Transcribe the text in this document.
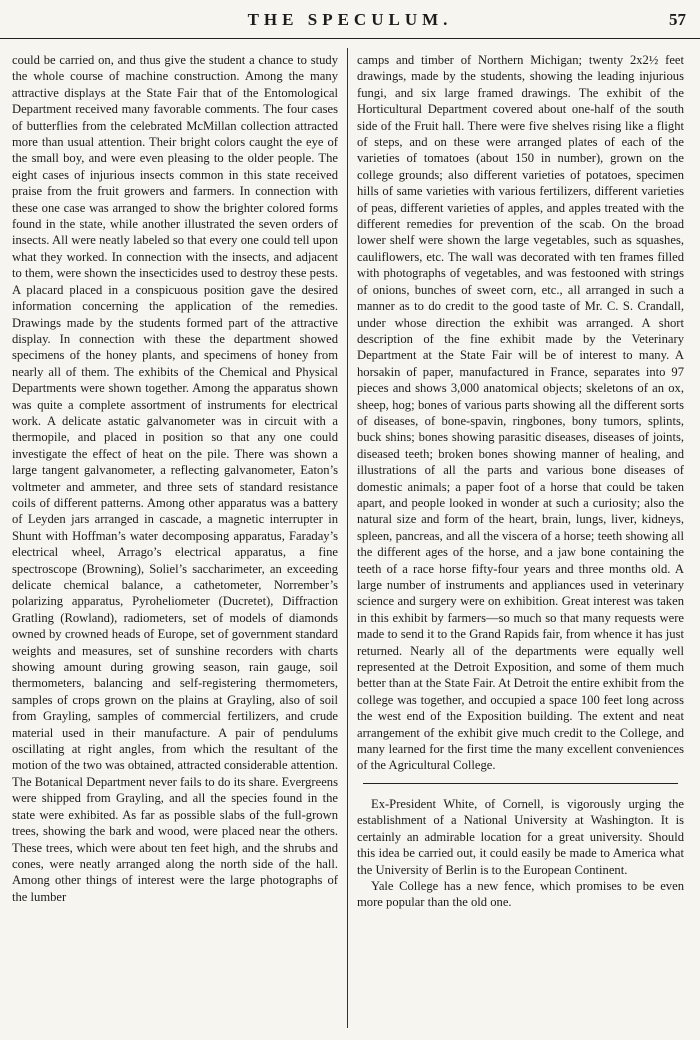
THE SPECULUM.	57

could be carried on, and thus give the student a chance to study the whole course of machine construction. Among the many attractive displays at the State Fair that of the Entomological Department received many favorable comments. The four cases of butterflies from the celebrated McMillan collection attracted more than usual attention. Their bright colors caught the eye of the small boy, and were even pleasing to the older people. The eight cases of injurious insects common in this state received praise from the fruit growers and farmers. In connection with these one case was arranged to show the brighter colored forms found in the state, while another illustrated the seven orders of insects. All were neatly labeled so that every one could tell upon what they worked. In connection with the insects, and adjacent to them, were shown the insecticides used to destroy these pests. A placard placed in a conspicuous position gave the desired information concerning the application of the remedies. Drawings made by the students formed part of the attractive display. In connection with these the department showed specimens of the honey plants, and specimens of honey from nearly all of them. The exhibits of the Chemical and Physical Departments were shown together. Among the apparatus shown was quite a complete assortment of instruments for electrical work. A delicate astatic galvanometer was in circuit with a thermopile, and placed in position so that any one could investigate the effect of heat on the pile. There was shown a large tangent galvanometer, a reflecting galvanometer, Eaton’s voltmeter and ammeter, and three sets of standard resistance coils of different patterns. Among other apparatus was a battery of Leyden jars arranged in cascade, a magnetic interrupter in Shunt with Hoffman’s water decomposing apparatus, Faraday’s electrical wheel, Arrago’s electrical apparatus, a fine spectroscope (Browning), Soliel’s saccharimeter, an exceeding delicate chemical balance, a cathetometer, Norrember’s polarizing apparatus, Pyroheliometer (Ducretet), Diffraction Gratling (Rowland), radiometers, set of models of diamonds owned by crowned heads of Europe, set of government standard weights and measures, set of sunshine recorders with charts showing amount during growing season, rain gauge, soil thermometers, balancing and self-registering thermometers, samples of crops grown on the plains at Grayling, also of soil from Grayling, samples of commercial fertilizers, and crude material used in their manufacture. A pair of pendulums oscillating at right angles, from which the resultant of the motion of the two was obtained, attracted considerable attention. The Botanical Department never fails to do its share. Evergreens were shipped from Grayling, and all the species found in the state were exhibited. As far as possible slabs of the full-grown trees, showing the bark and wood, were placed near the others. These trees, which were about ten feet high, and the shrubs and cones, were neatly arranged along the north side of the hall. Among other things of interest were the large photographs of the lumber

camps and timber of Northern Michigan; twenty 2x2½ feet drawings, made by the students, showing the leading injurious fungi, and six large framed drawings. The exhibit of the Horticultural Department covered about one-half of the south side of the Fruit hall. There were five shelves rising like a flight of steps, and on these were arranged plates of each of the varieties of tomatoes (about 150 in number), grown on the college grounds; also different varieties of potatoes, specimen hills of same varieties with various fertilizers, different varieties of peas, different varieties of apples, and apples treated with the different remedies for prevention of the scab. On the broad lower shelf were shown the large vegetables, such as squashes, cauliflowers, etc. The wall was decorated with ten frames filled with photographs of vegetables, and was festooned with strings of onions, bunches of sweet corn, etc., all arranged in such a manner as to do credit to the good taste of Mr. C. S. Crandall, under whose direction the exhibit was arranged. A short description of the fine exhibit made by the Veterinary Department at the State Fair will be of interest to many. A horsakin of paper, manufactured in France, separates into 97 pieces and shows 3,000 anatomical objects; skeletons of an ox, sheep, hog; bones of various parts showing all the different sorts of diseases, of bone-spavin, ringbones, bony tumors, splints, buck shins; bones showing parasitic diseases, diseases of joints, diseased teeth; broken bones showing manner of healing, and illustrations of all the parts and various bone diseases of domestic animals; a paper foot of a horse that could be taken apart, and people looked in wonder at such a curiosity; also the natural size and form of the heart, brain, lungs, liver, kidneys, spleen, pancreas, and all the viscera of a horse; teeth showing all the different ages of the horse, and a jaw bone containing the teeth of a race horse fifty-four years and three months old. A large number of instruments and appliances used in veterinary science and surgery were on exhibition. Great interest was taken in this exhibit by farmers—so much so that many requests were made to send it to the Grand Rapids fair, from whence it has just returned. Nearly all of the departments were equally well represented at the Detroit Exposition, and some of them much better than at the State Fair. At Detroit the entire exhibit from the college was together, and occupied a space 100 feet long across the west end of the Exposition building. The extent and neat arrangement of the exhibit give much credit to the College, and many learned for the first time the many excellent conveniences of the Agricultural College.

Ex-President White, of Cornell, is vigorously urging the establishment of a National University at Washington. It is certainly an admirable location for a great university. Should this idea be carried out, it could easily be made to America what the University of Berlin is to the European Continent.

Yale College has a new fence, which promises to be even more popular than the old one.
